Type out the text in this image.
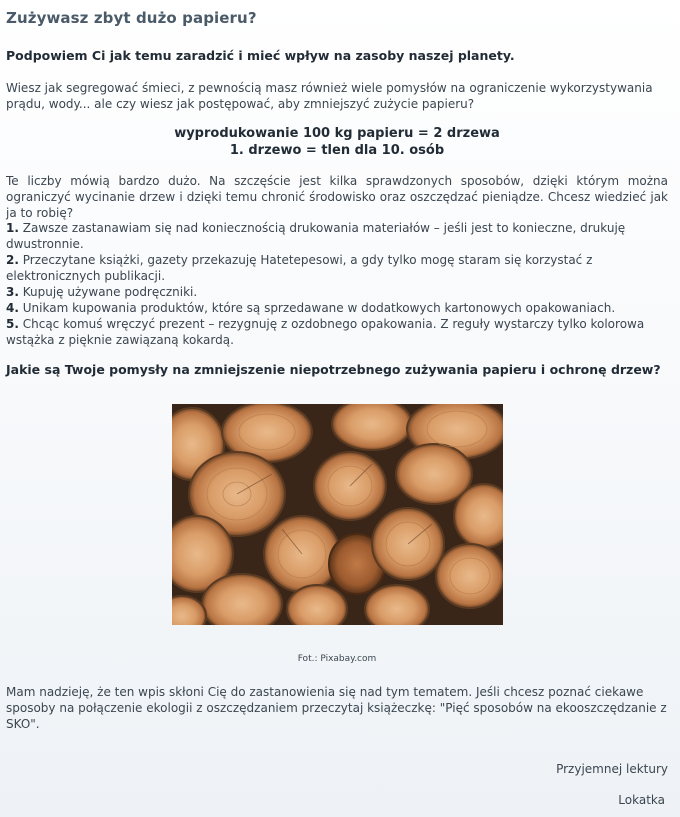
Zużywasz zbyt dużo papieru?
Podpowiem Ci jak temu zaradzić i mieć wpływ na zasoby naszej planety.
Wiesz jak segregować śmieci, z pewnością masz również wiele pomysłów na ograniczenie wykorzystywania prądu, wody... ale czy wiesz jak postępować, aby zmniejszyć zużycie papieru?
wyprodukowanie 100 kg papieru = 2 drzewa
1. drzewo = tlen dla 10. osób
Te liczby mówią bardzo dużo. Na szczęście jest kilka sprawdzonych sposobów, dzięki którym można ograniczyć wycinanie drzew i dzięki temu chronić środowisko oraz oszczędzać pieniądze. Chcesz wiedzieć jak ja to robię?
1. Zawsze zastanawiam się nad koniecznością drukowania materiałów – jeśli jest to konieczne, drukuję dwustronnie.
2. Przeczytane książki, gazety przekazuję Hatetepesowi, a gdy tylko mogę staram się korzystać z elektronicznych publikacji.
3. Kupuję używane podręczniki.
4. Unikam kupowania produktów, które są sprzedawane w dodatkowych kartonowych opakowaniach.
5. Chcąc komuś wręczyć prezent – rezygnuję z ozdobnego opakowania. Z reguły wystarczy tylko kolorowa wstążka z pięknie zawiązaną kokardą.
Jakie są Twoje pomysły na zmniejszenie niepotrzebnego zużywania papieru i ochronę drzew?
Fot.: Pixabay.com
Mam nadzieję, że ten wpis skłoni Cię do zastanowienia się nad tym tematem. Jeśli chcesz poznać ciekawe sposoby na połączenie ekologii z oszczędzaniem przeczytaj książeczkę: "Pięć sposobów na ekooszczędzanie z SKO".
Przyjemnej lektury
Lokatka
